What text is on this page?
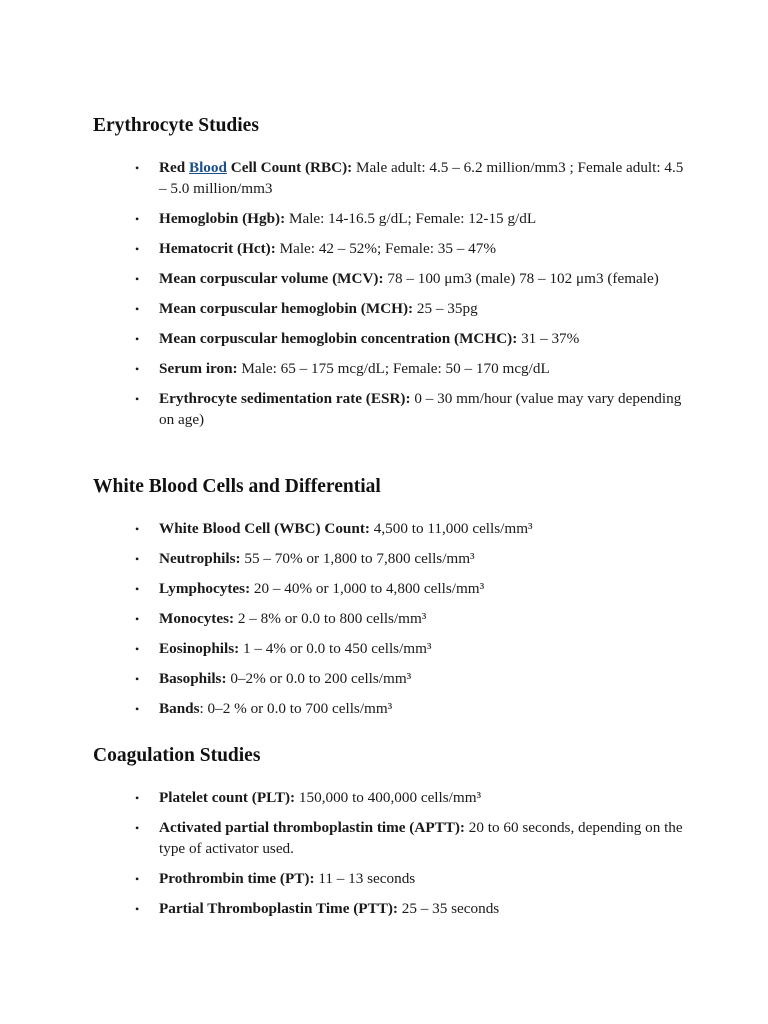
Erythrocyte Studies
• Red Blood Cell Count (RBC): Male adult: 4.5 – 6.2 million/mm3 ; Female adult: 4.5 – 5.0 million/mm3
• Hemoglobin (Hgb): Male: 14-16.5 g/dL; Female: 12-15 g/dL
• Hematocrit (Hct): Male: 42 – 52%; Female: 35 – 47%
• Mean corpuscular volume (MCV): 78 – 100 μm3 (male) 78 – 102 μm3 (female)
• Mean corpuscular hemoglobin (MCH): 25 – 35pg
• Mean corpuscular hemoglobin concentration (MCHC): 31 – 37%
• Serum iron: Male: 65 – 175 mcg/dL; Female: 50 – 170 mcg/dL
• Erythrocyte sedimentation rate (ESR): 0 – 30 mm/hour (value may vary depending on age)
White Blood Cells and Differential
• White Blood Cell (WBC) Count: 4,500 to 11,000 cells/mm³
• Neutrophils: 55 – 70% or 1,800 to 7,800 cells/mm³
• Lymphocytes: 20 – 40% or 1,000 to 4,800 cells/mm³
• Monocytes: 2 – 8% or 0.0 to 800 cells/mm³
• Eosinophils: 1 – 4% or 0.0 to 450 cells/mm³
• Basophils: 0–2% or 0.0 to 200 cells/mm³
• Bands: 0–2 % or 0.0 to 700 cells/mm³
Coagulation Studies
• Platelet count (PLT): 150,000 to 400,000 cells/mm³
• Activated partial thromboplastin time (APTT): 20 to 60 seconds, depending on the type of activator used.
• Prothrombin time (PT): 11 – 13 seconds
• Partial Thromboplastin Time (PTT): 25 – 35 seconds
